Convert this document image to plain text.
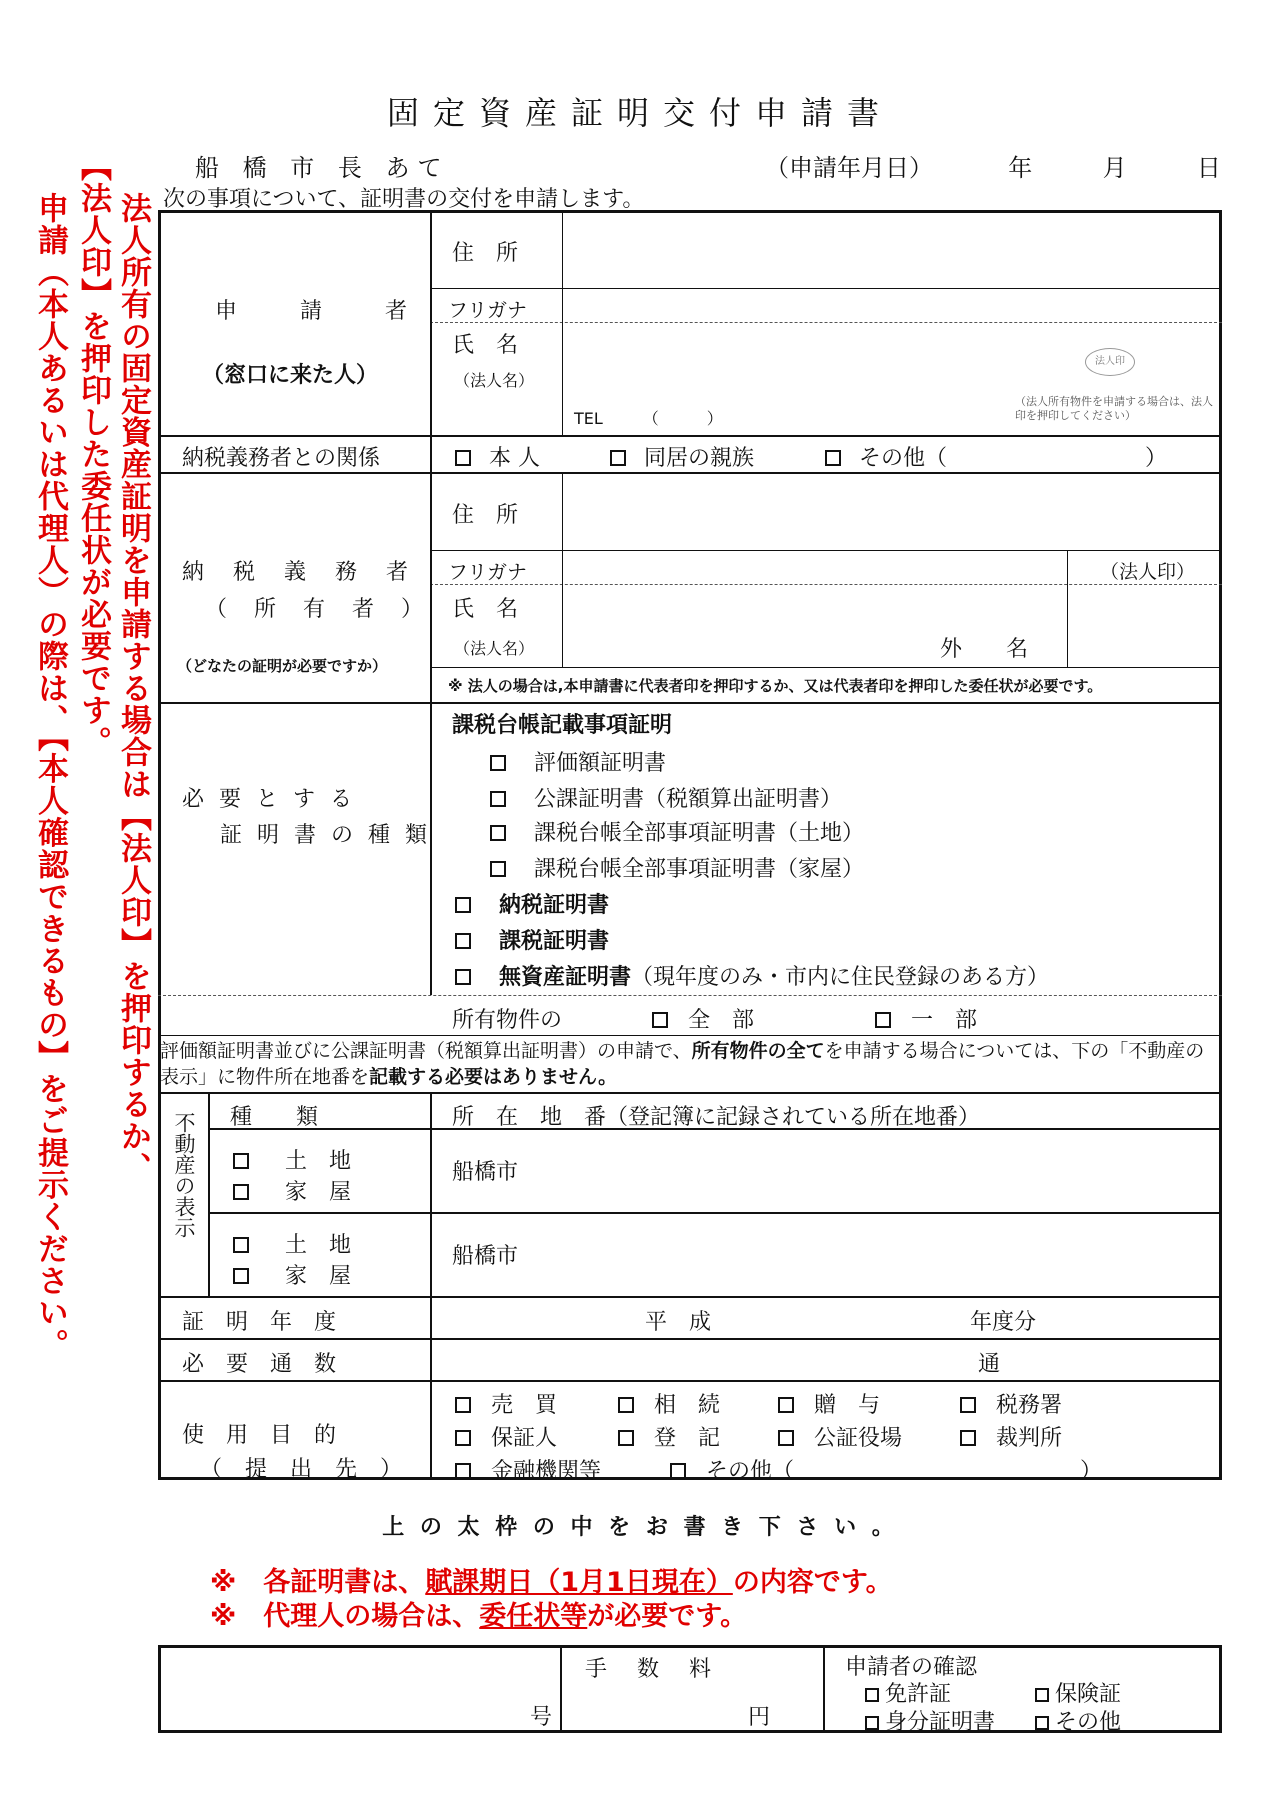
固定資産証明交付申請書
船 橋 市 長 あて	（申請年月日）	年	月	日
次の事項について、証明書の交付を申請します。
法人所有の固定資産証明を申請する場合は【法人印】を押印するか、
【法人印】を押印した委任状が必要です。
申請（本人あるいは代理人）の際は、【本人確認できるもの】をご提示ください。	申 請 者
（窓口に来た人）
住　所
フリガナ
氏　名
（法人名）
TEL　　　（　　　）
法人印
（法人所有物件を申請する場合は、法人印を押印してください）
納税義務者との関係	本 人	同居の親族	その他（　　　　　　　　　）
納 税 義 務 者
（ 所 有 者 ）
（どなたの証明が必要ですか）
住　所
フリガナ	（法人印）
氏　名
（法人名）	外　　名
※ 法人の場合は,本申請書に代表者印を押印するか、又は代表者印を押印した委任状が必要です。
必 要 と す る
証 明 書 の 種 類
課税台帳記載事項証明
評価額証明書
公課証明書（税額算出証明書）
課税台帳全部事項証明書（土地）
課税台帳全部事項証明書（家屋）
納税証明書
課税証明書
無資産証明書（現年度のみ・市内に住民登録のある方）
所有物件の	全　部	一　部
評価額証明書並びに公課証明書（税額算出証明書）の申請で、所有物件の全てを申請する場合については、下の「不動産の表示」に物件所在地番を記載する必要はありません。
不動産の表示 種　　類	所　在　地　番（登記簿に記録されている所在地番）
土　地
家　屋
船橋市
土　地
家　屋
船橋市
証　明　年　度	平　成	年度分
必　要　通　数	通
使　用　目　的
（ 提 出 先 ）
売　買	相　続	贈　与	税務署
保証人	登　記	公証役場	裁判所
金融機関等	その他（　　　　　　　　　　　　　）
上 の 太 枠 の 中 を お 書 き 下 さ い 。
※　各証明書は、賦課期日（1月1日現在）の内容です。
※　代理人の場合は、委任状等が必要です。
号
手　数　料
円
申請者の確認
免許証	保険証
身分証明書	その他
